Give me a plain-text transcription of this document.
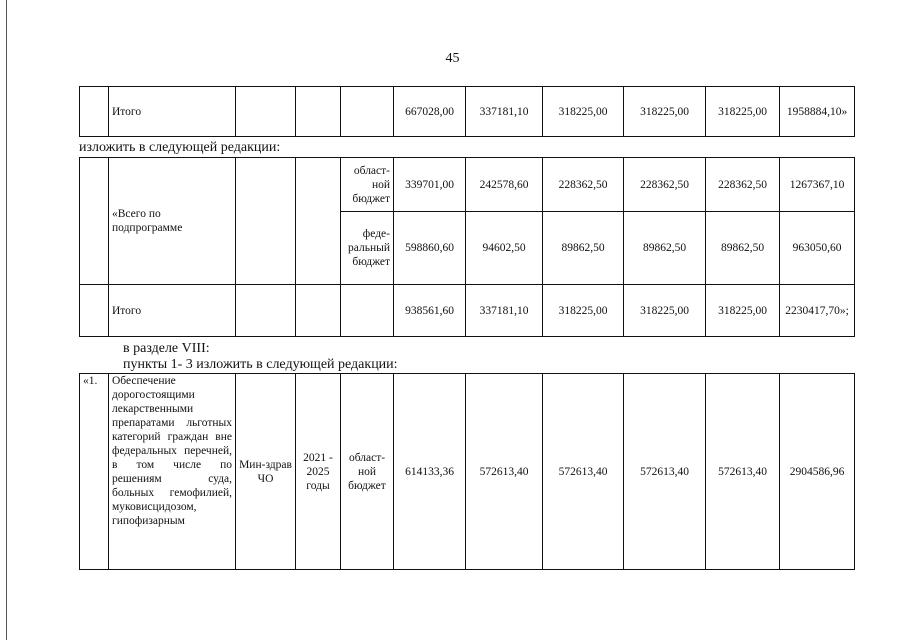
45
	Итого				667028,00	337181,10	318225,00	318225,00	318225,00	1958884,10»
изложить в следующей редакции:
	«Всего по подпрограмме			област-ной бюджет	339701,00	242578,60	228362,50	228362,50	228362,50	1267367,10
				феде-ральный бюджет	598860,60	94602,50	89862,50	89862,50	89862,50	963050,60
	Итого				938561,60	337181,10	318225,00	318225,00	318225,00	2230417,70»;
в разделе VIII:
пункты 1- 3 изложить в следующей редакции:
«1.	Обеспечение дорогостоящими лекарственными препаратами льготных категорий граждан вне федеральных перечней, в том числе по решениям суда, больных гемофилией, муковисцидозом, гипофизарным	Мин-здрав ЧО	2021 - 2025 годы	област-ной бюджет	614133,36	572613,40	572613,40	572613,40	572613,40	2904586,96
